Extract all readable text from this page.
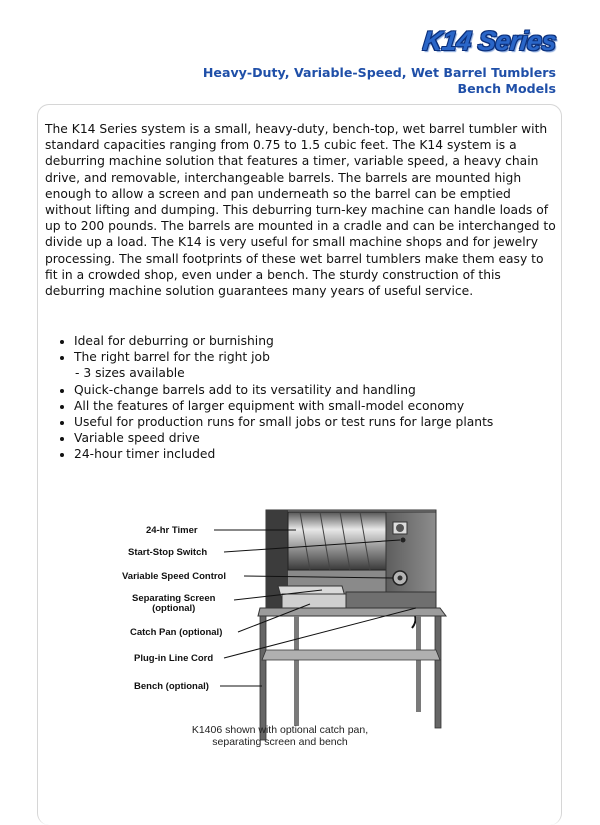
K14 Series
Heavy-Duty, Variable-Speed, Wet Barrel Tumblers
Bench Models

The K14 Series system is a small, heavy-duty, bench-top, wet barrel tumbler with standard capacities ranging from 0.75 to 1.5 cubic feet. The K14 system is a deburring machine solution that features a timer, variable speed, a heavy chain drive, and removable, interchangeable barrels. The barrels are mounted high enough to allow a screen and pan underneath so the barrel can be emptied without lifting and dumping. This deburring turn-key machine can handle loads of up to 200 pounds. The barrels are mounted in a cradle and can be interchanged to divide up a load. The K14 is very useful for small machine shops and for jewelry processing. The small footprints of these wet barrel tumblers make them easy to fit in a crowded shop, even under a bench. The sturdy construction of this deburring machine solution guarantees many years of useful service.

• Ideal for deburring or burnishing
• The right barrel for the right job
- 3 sizes available
• Quick-change barrels add to its versatility and handling
• All the features of larger equipment with small-model economy
• Useful for production runs for small jobs or test runs for large plants
• Variable speed drive
• 24-hour timer included
24-hr Timer
Start-Stop Switch
Variable Speed Control
Separating Screen
(optional)
Catch Pan (optional)
Plug-in Line Cord
Bench (optional)
K1406 shown with optional catch pan,
separating screen and bench
